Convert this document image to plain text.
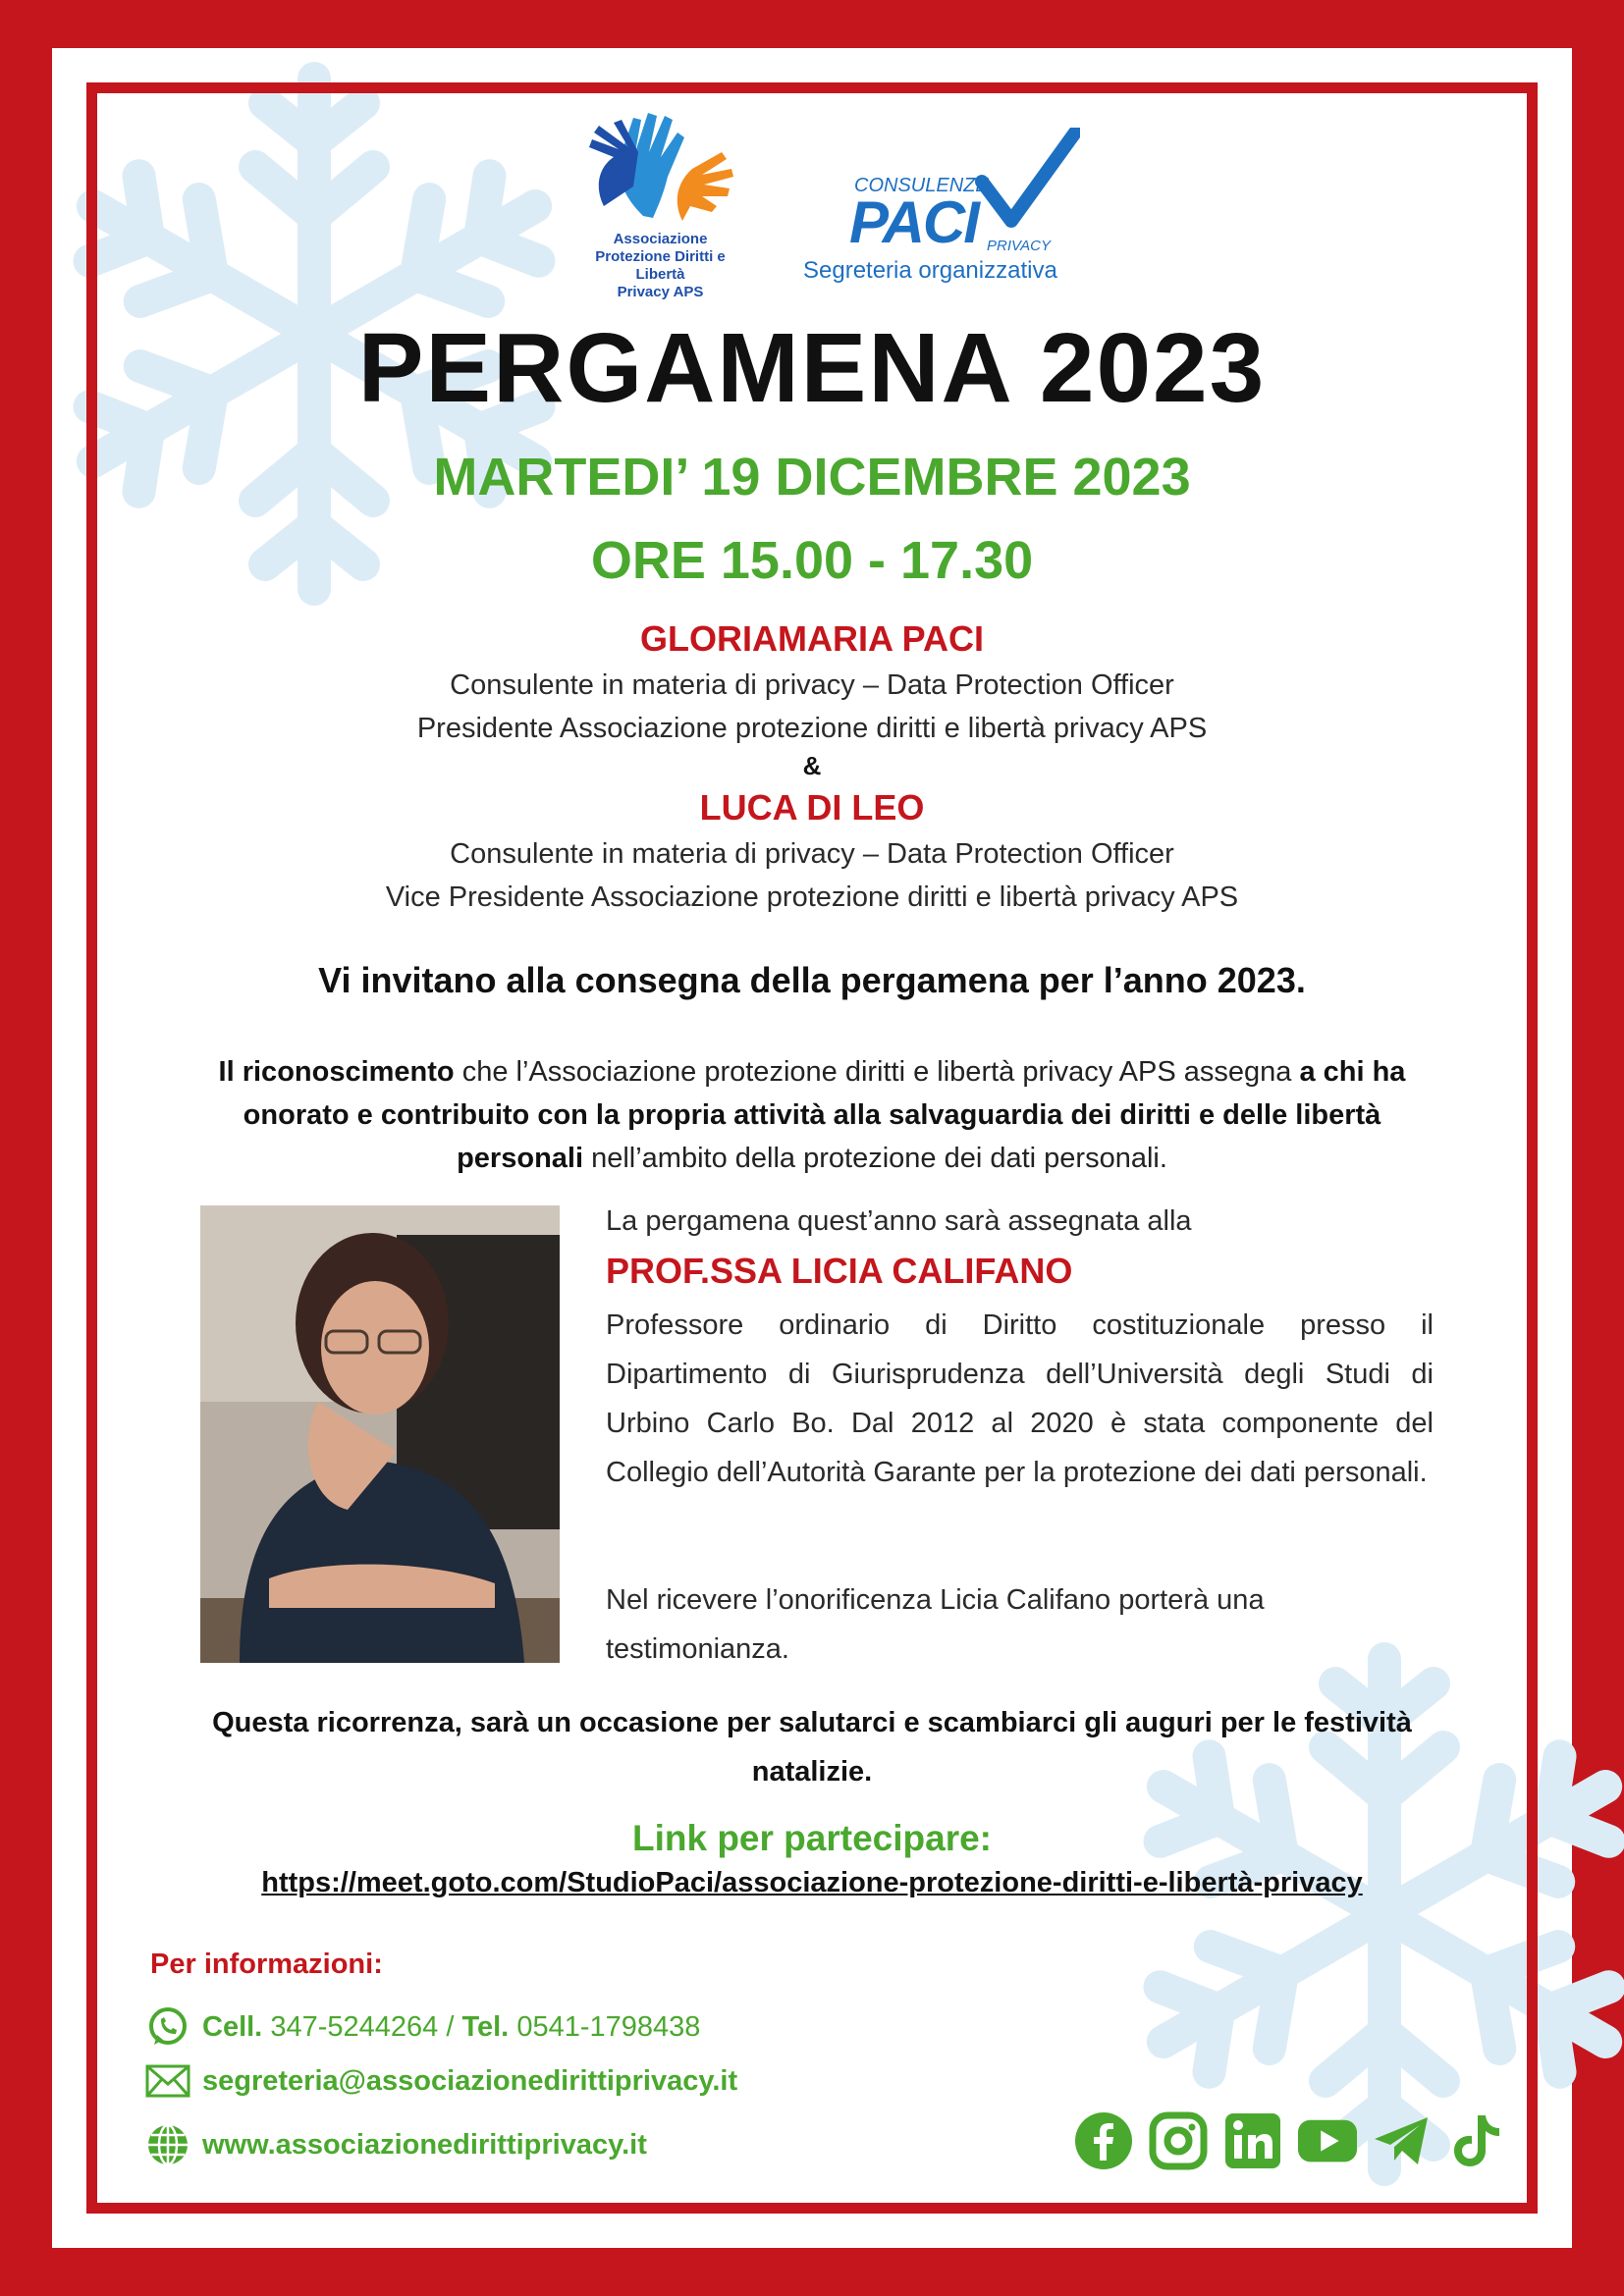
Associazione
Protezione Diritti e Libertà
Privacy APS
CONSULENZE
PACI PRIVACY
Segreteria organizzativa
PERGAMENA 2023
MARTEDI’ 19 DICEMBRE 2023
ORE 15.00 - 17.30
GLORIAMARIA PACI
Consulente in materia di privacy – Data Protection Officer
Presidente Associazione protezione diritti e libertà privacy APS
&
LUCA DI LEO
Consulente in materia di privacy – Data Protection Officer
Vice Presidente Associazione protezione diritti e libertà privacy APS
Vi invitano alla consegna della pergamena per l’anno 2023.
Il riconoscimento che l’Associazione protezione diritti e libertà privacy APS assegna a chi ha onorato e contribuito con la propria attività alla salvaguardia dei diritti e delle libertà personali nell’ambito della protezione dei dati personali.
La pergamena quest’anno sarà assegnata alla
PROF.SSA LICIA CALIFANO
Professore ordinario di Diritto costituzionale presso il Dipartimento di Giurisprudenza dell’Università degli Studi di Urbino Carlo Bo. Dal 2012 al 2020 è stata componente del Collegio dell’Autorità Garante per la protezione dei dati personali.
Nel ricevere l’onorificenza Licia Califano porterà una testimonianza.
Questa ricorrenza, sarà un occasione per salutarci e scambiarci gli auguri per le festività natalizie.
Link per partecipare:
https://meet.goto.com/StudioPaci/associazione-protezione-diritti-e-libertà-privacy
Per informazioni:
Cell. 347-5244264 / Tel. 0541-1798438
segreteria@associazionedirittiprivacy.it
www.associazionedirittiprivacy.it
